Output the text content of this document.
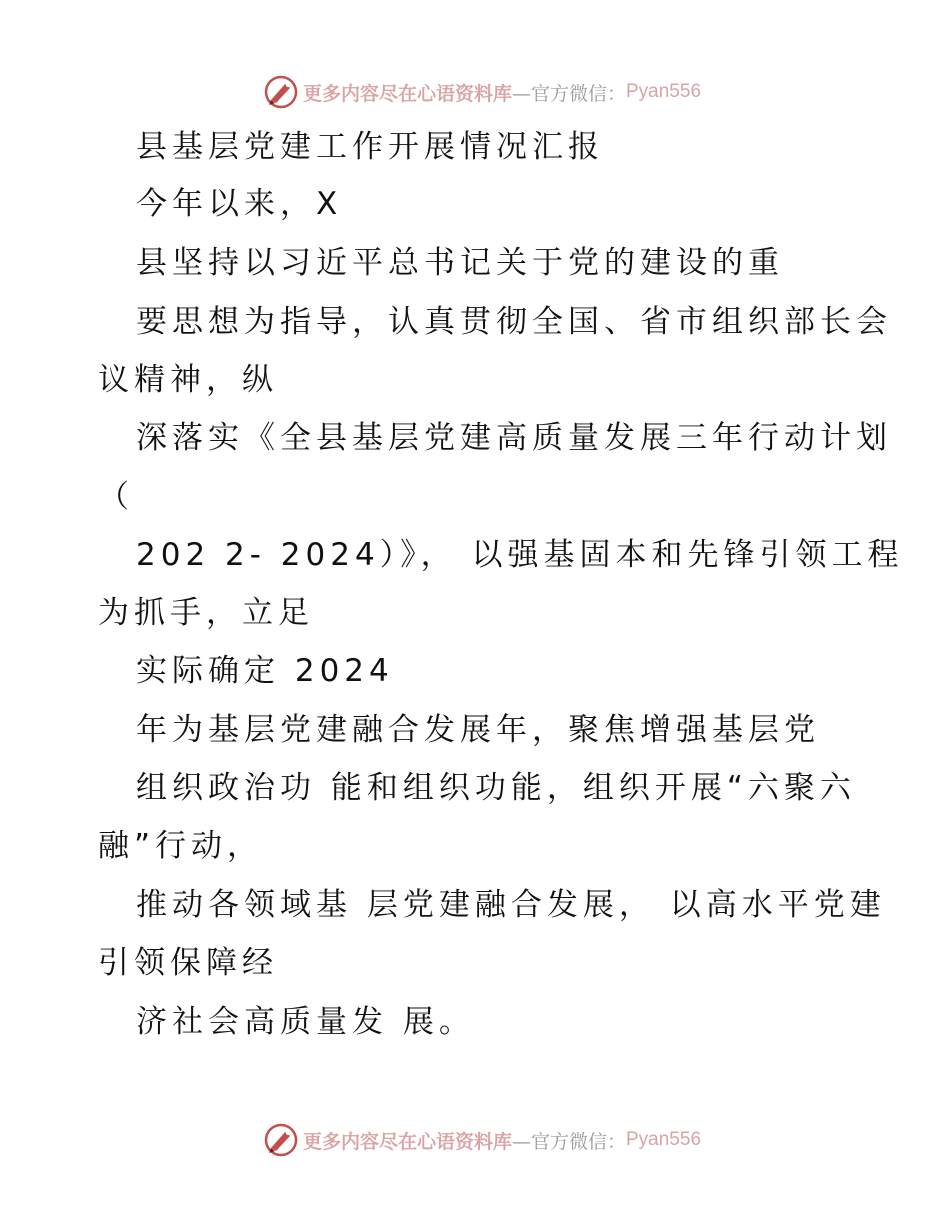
更多内容尽在心语资料库 —官方微信： Pyan556
县基层党建工作开展情况汇报
今年以来，X
县坚持以习近平总书记关于党的建设的重
要思想为指导，认真贯彻全国、省市组织部长会
议精神，纵
深落实《全县基层党建高质量发展三年行动计划
（
202 2- 2024）》， 以强基固本和先锋引领工程
为抓手，立足
实际确定 2024
年为基层党建融合发展年，聚焦增强基层党
组织政治功 能和组织功能，组织开展“六聚六
融”行动，
推动各领域基 层党建融合发展， 以高水平党建
引领保障经
济社会高质量发 展。
更多内容尽在心语资料库 —官方微信： Pyan556
